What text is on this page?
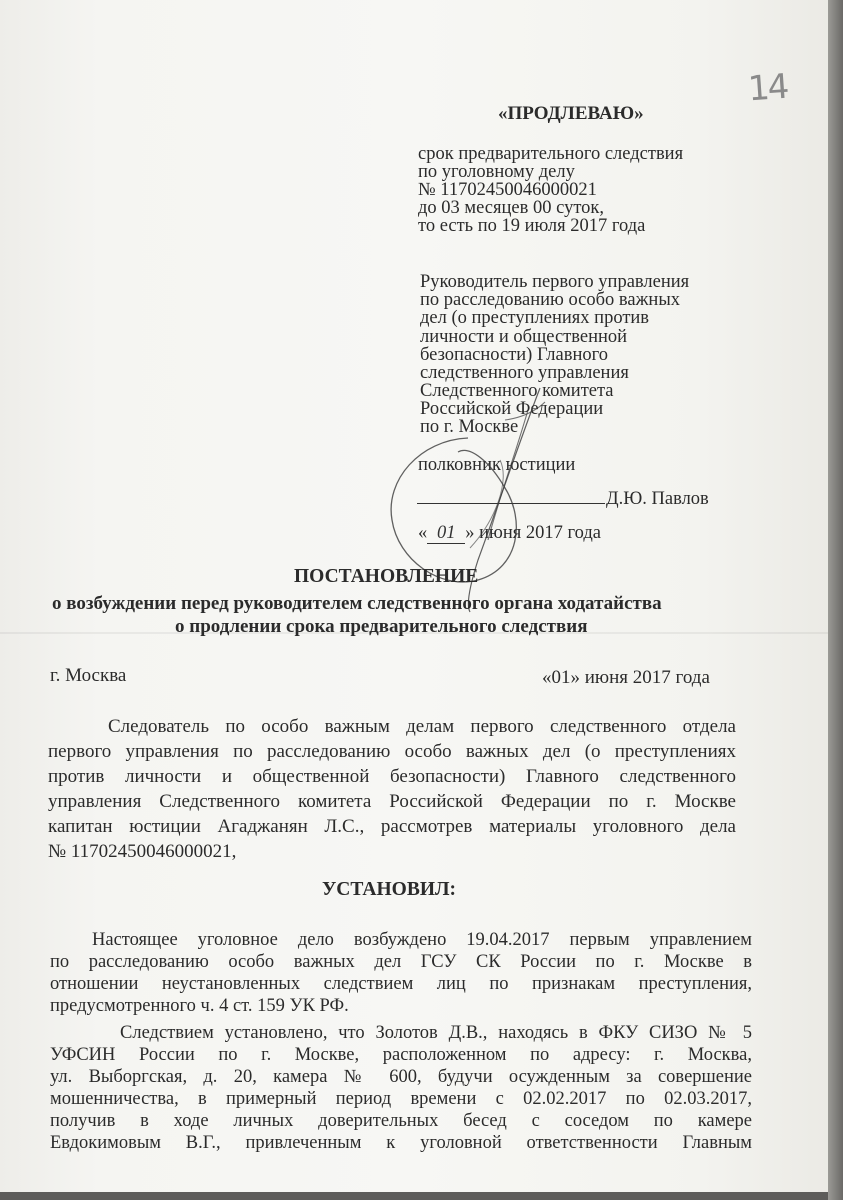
14
«ПРОДЛЕВАЮ»
срок предварительного следствия
по уголовному делу
№ 11702450046000021
до 03 месяцев 00 суток,
то есть по 19 июля 2017 года
Руководитель первого управления
по расследованию особо важных
дел (о преступлениях против
личности и общественной
безопасности) Главного
следственного управления
Следственного комитета
Российской Федерации
по г. Москве
полковник юстиции
Д.Ю. Павлов
« 01 » июня 2017 года
ПОСТАНОВЛЕНИЕ
о возбуждении перед руководителем следственного органа ходатайства
о продлении срока предварительного следствия
г. Москва	«01» июня 2017 года
Следователь по особо важным делам первого следственного отдела
первого управления по расследованию особо важных дел (о преступлениях
против личности и общественной безопасности) Главного следственного
управления Следственного комитета Российской Федерации по г. Москве
капитан юстиции Агаджанян Л.С., рассмотрев материалы уголовного дела
№ 11702450046000021,
УСТАНОВИЛ:
Настоящее уголовное дело возбуждено 19.04.2017 первым управлением
по расследованию особо важных дел ГСУ СК России по г. Москве в
отношении неустановленных следствием лиц по признакам преступления,
предусмотренного ч. 4 ст. 159 УК РФ.
Следствием установлено, что Золотов Д.В., находясь в ФКУ СИЗО № 5
УФСИН России по г. Москве, расположенном по адресу: г. Москва,
ул. Выборгская, д. 20, камера № 600, будучи осужденным за совершение
мошенничества, в примерный период времени с 02.02.2017 по 02.03.2017,
получив в ходе личных доверительных бесед с соседом по камере
Евдокимовым В.Г., привлеченным к уголовной ответственности Главным
